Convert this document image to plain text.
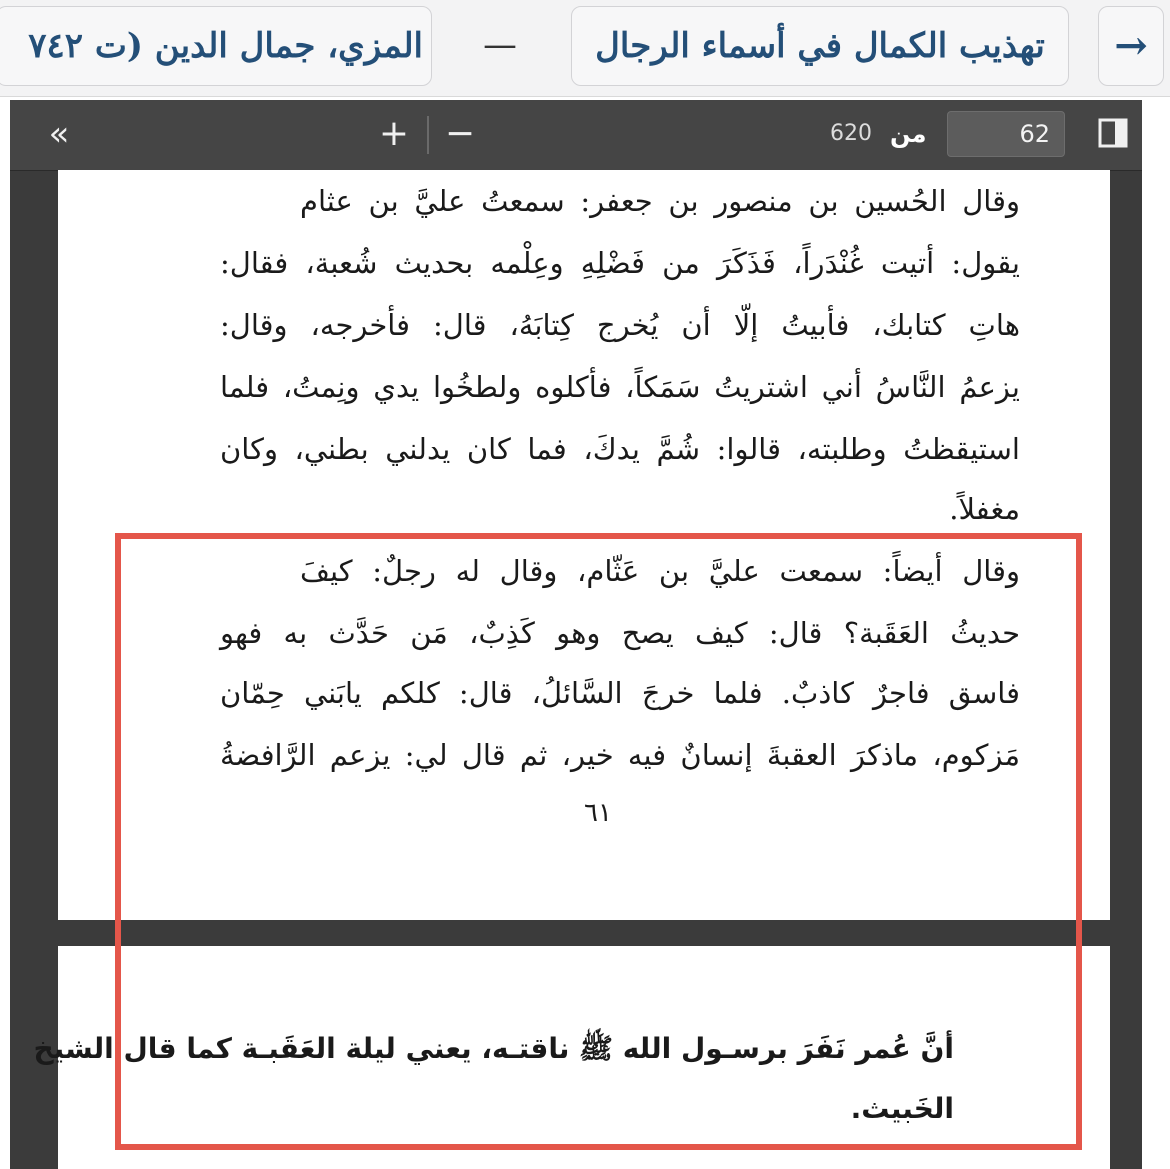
→
تهذيب الكمال في أسماء الرجال
—
المزي، جمال الدين (ت ٧٤٢
«	+ −	620 من
62
وقال الحُسين بن منصور بن جعفر: سمعتُ عليَّ بن عثام
يقول: أتيت غُنْدَراً، فَذَكَرَ من فَضْلِهِ وعِلْمه بحديث شُعبة، فقال:
هاتِ كتابك، فأبيتُ إلّا أن يُخرج كِتابَهُ، قال: فأخرجه، وقال:
يزعمُ النَّاسُ أني اشتريتُ سَمَكاً، فأكلوه ولطخُوا يدي ونِمتُ، فلما
استيقظتُ وطلبته، قالوا: شُمَّ يدكَ، فما كان يدلني بطني، وكان
مغفلاً.
وقال أيضاً: سمعت عليَّ بن عَثّام، وقال له رجلٌ: كيفَ
حديثُ العَقَبة؟ قال: كيف يصح وهو كَذِبٌ، مَن حَدَّث به فهو
فاسق فاجرٌ كاذبٌ. فلما خرجَ السَّائلُ، قال: كلكم يابَني حِمّان
مَزكوم، ماذكرَ العقبةَ إنسانٌ فيه خير، ثم قال لي: يزعم الرَّافضةُ
٦١
أنَّ عُمر نَفَرَ برسـول الله ﷺ ناقتـه، يعني ليلة العَقَبـة كما قال الشيخ
الخَبيث.
